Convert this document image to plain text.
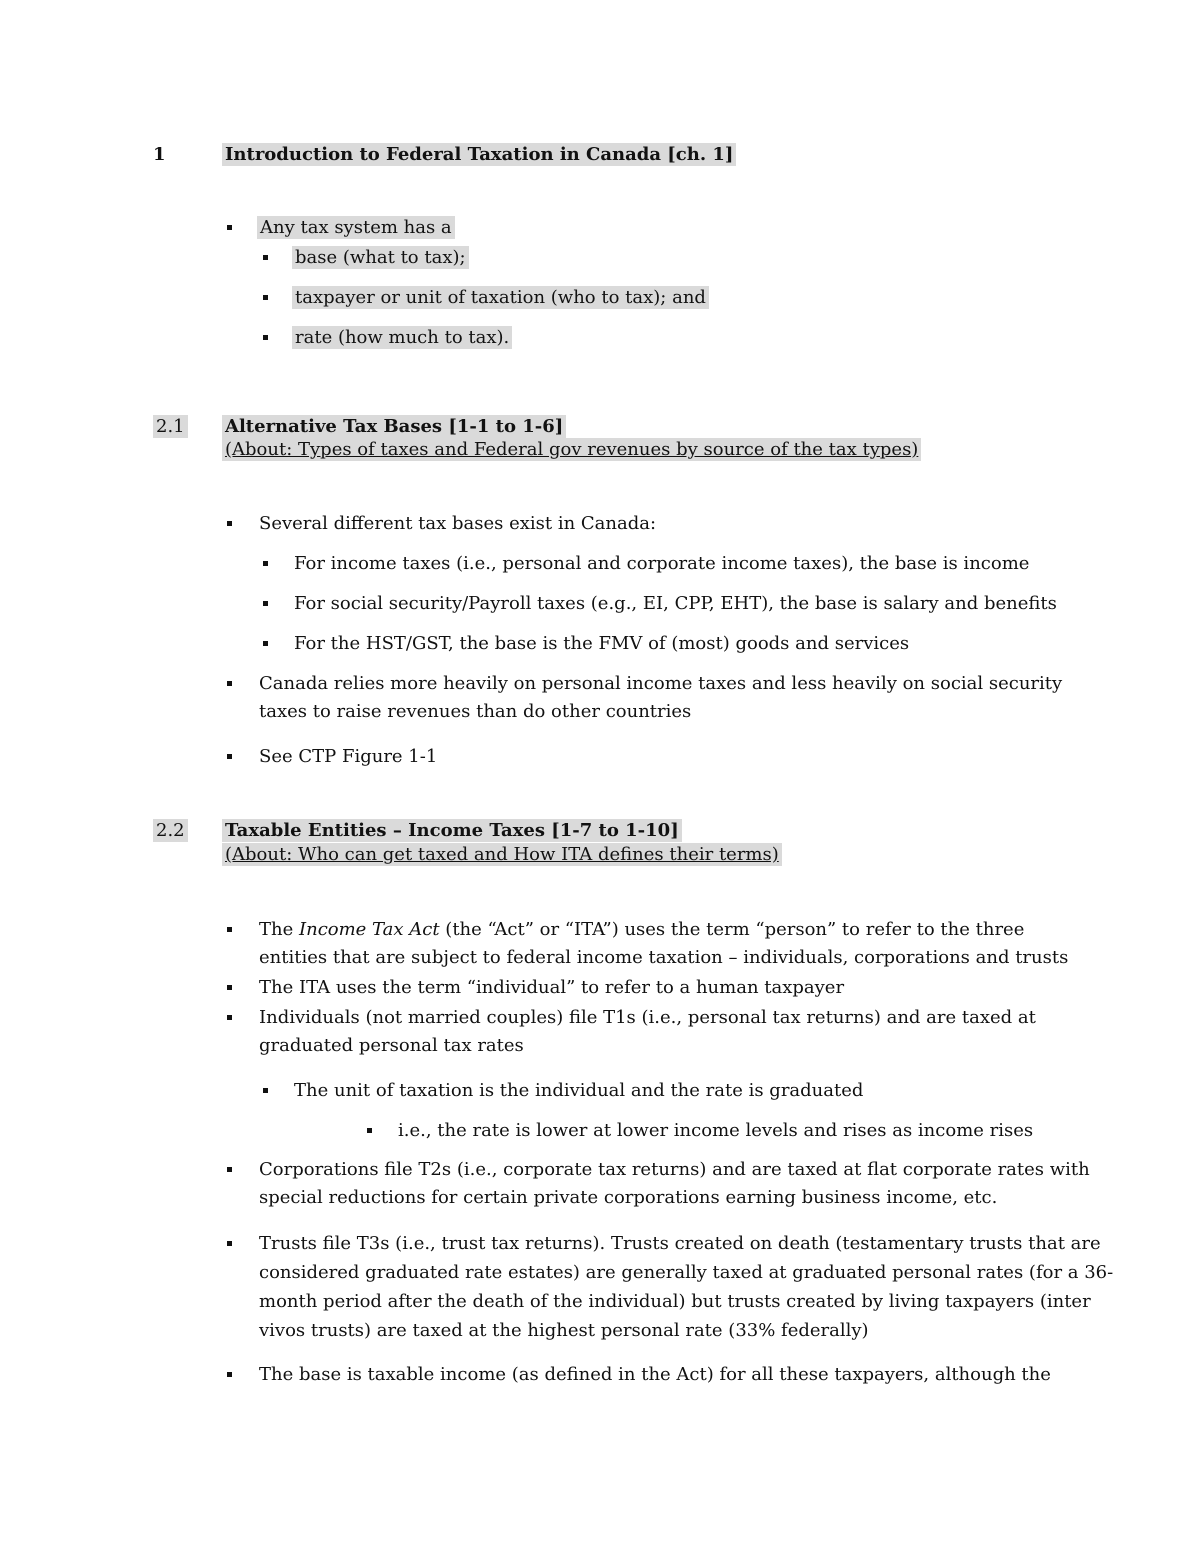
1	Introduction to Federal Taxation in Canada [ch. 1]
Any tax system has a
base (what to tax);
taxpayer or unit of taxation (who to tax); and
rate (how much to tax).
2.1 Alternative Tax Bases [1-1 to 1-6]
(About: Types of taxes and Federal gov revenues by source of the tax types)
Several different tax bases exist in Canada:
For income taxes (i.e., personal and corporate income taxes), the base is income
For social security/Payroll taxes (e.g., EI, CPP, EHT), the base is salary and benefits
For the HST/GST, the base is the FMV of (most) goods and services
Canada relies more heavily on personal income taxes and less heavily on social security
taxes to raise revenues than do other countries
See CTP Figure 1-1
2.2 Taxable Entities – Income Taxes [1-7 to 1-10]
(About: Who can get taxed and How ITA defines their terms)
The Income Tax Act (the “Act” or “ITA”) uses the term “person” to refer to the three
entities that are subject to federal income taxation – individuals, corporations and trusts
The ITA uses the term “individual” to refer to a human taxpayer
Individuals (not married couples) file T1s (i.e., personal tax returns) and are taxed at
graduated personal tax rates
The unit of taxation is the individual and the rate is graduated
i.e., the rate is lower at lower income levels and rises as income rises
Corporations file T2s (i.e., corporate tax returns) and are taxed at flat corporate rates with
special reductions for certain private corporations earning business income, etc.
Trusts file T3s (i.e., trust tax returns). Trusts created on death (testamentary trusts that are
considered graduated rate estates) are generally taxed at graduated personal rates (for a 36-
month period after the death of the individual) but trusts created by living taxpayers (inter
vivos trusts) are taxed at the highest personal rate (33% federally)
The base is taxable income (as defined in the Act) for all these taxpayers, although the
